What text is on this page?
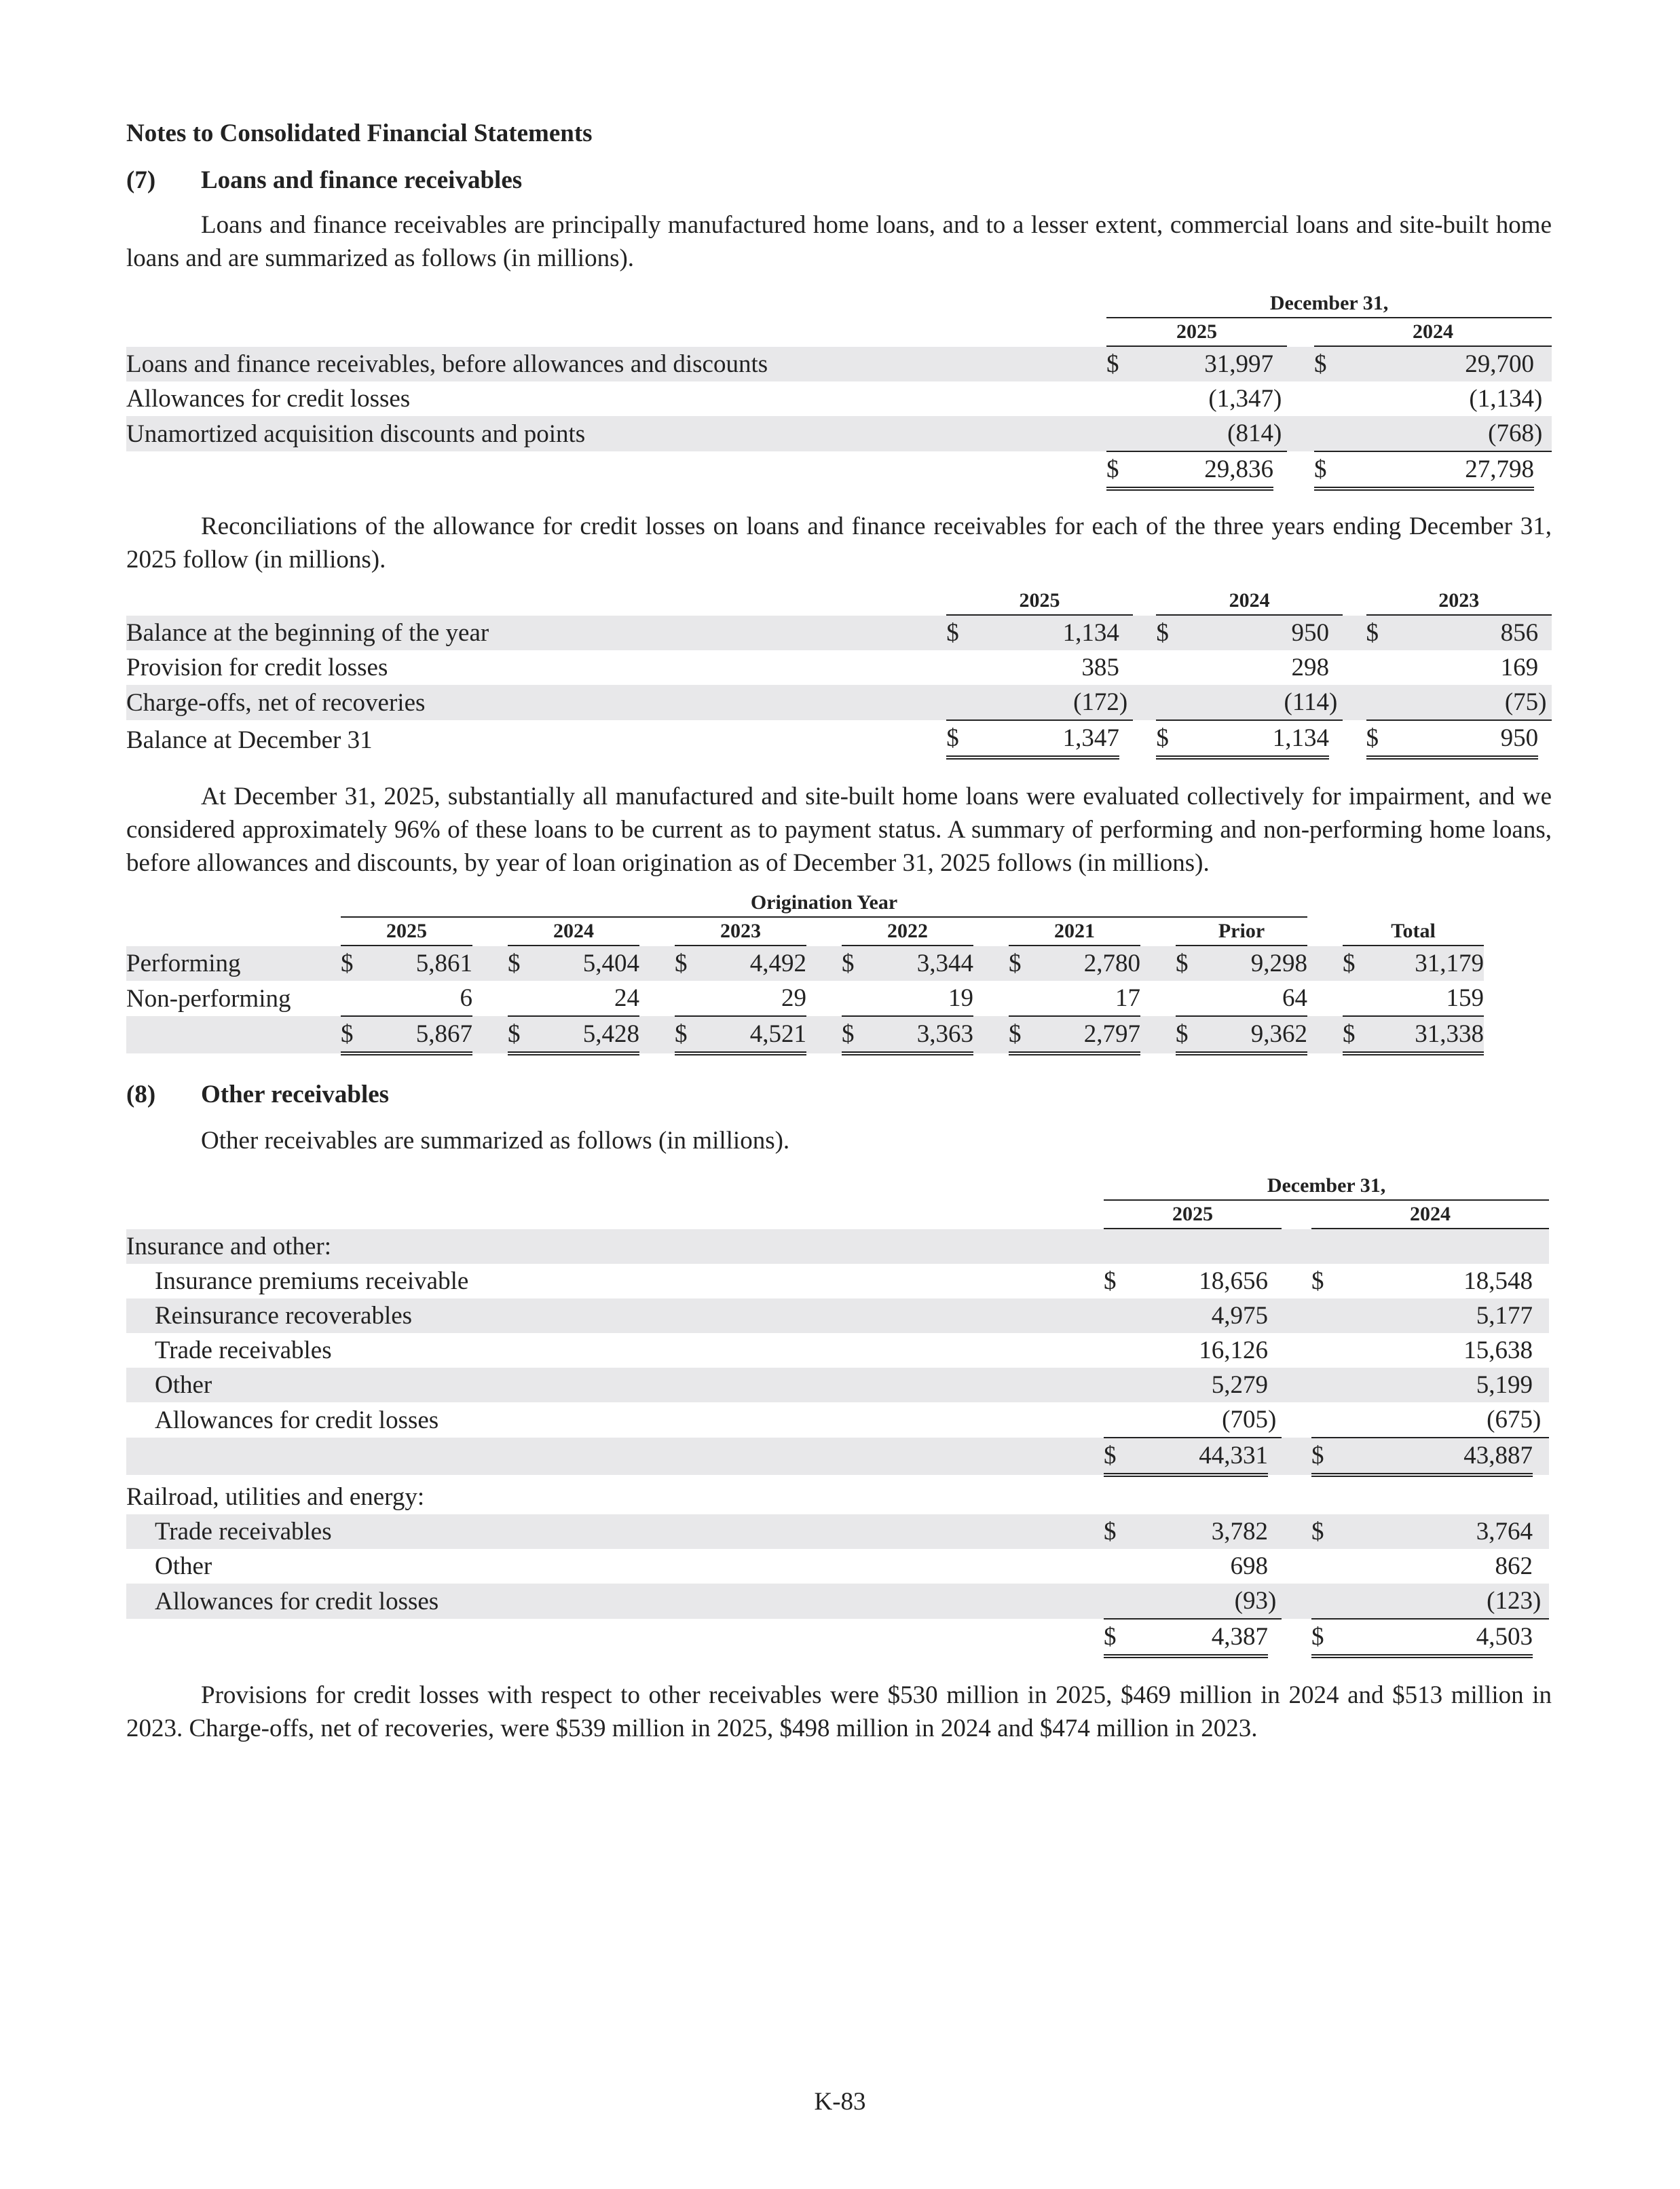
Notes to Consolidated Financial Statements
(7)	Loans and finance receivables

Loans and finance receivables are principally manufactured home loans, and to a lesser extent, commercial loans and site-built home loans and are summarized as follows (in millions).

		December 31,						

		2025				2024		

Loans and finance receivables, before allowances and discounts		$	31,997			$	29,700	
Allowances for credit losses			(1,347	)			(1,134	)
Unamortized acquisition discounts and points			(814	)			(768	)
		$	29,836			$	27,798	

Reconciliations of the allowance for credit losses on loans and finance receivables for each of the three years ending December 31, 2025 follow (in millions).

		2025				2024				2023		

Balance at the beginning of the year		$	1,134			$	950			$	856	
Provision for credit losses			385				298				169	
Charge-offs, net of recoveries			(172	)			(114	)			(75	)
Balance at December 31		$	1,347			$	1,134			$	950	

At December 31, 2025, substantially all manufactured and site-built home loans were evaluated collectively for impairment, and we considered approximately 96% of these loans to be current as to payment status. A summary of performing and non-performing home loans, before allowances and discounts, by year of loan origination as of December 31, 2025 follows (in millions).

	Origination Year																			

	2025			2024			2023			2022			2021			Prior			Total	

Performing	$	5,861		$	5,404		$	4,492		$	3,344		$	2,780		$	9,298		$	31,179
Non-performing		6			24			29			19			17			64			159
	$	5,867		$	5,428		$	4,521		$	3,363		$	2,797		$	9,362		$	31,338
(8)	Other receivables

Other receivables are summarized as follows (in millions).

		December 31,						

		2025				2024		

Insurance and other:								
Insurance premiums receivable		$	18,656			$	18,548	
Reinsurance recoverables			4,975				5,177	
Trade receivables			16,126				15,638	
Other			5,279				5,199	
Allowances for credit losses			(705	)			(675	)
		$	44,331			$	43,887	
Railroad, utilities and energy:								
Trade receivables		$	3,782			$	3,764	
Other			698				862	
Allowances for credit losses			(93	)			(123	)
		$	4,387			$	4,503	

Provisions for credit losses with respect to other receivables were $530 million in 2025, $469 million in 2024 and $513 million in 2023. Charge-offs, net of recoveries, were $539 million in 2025, $498 million in 2024 and $474 million in 2023.

K-83
